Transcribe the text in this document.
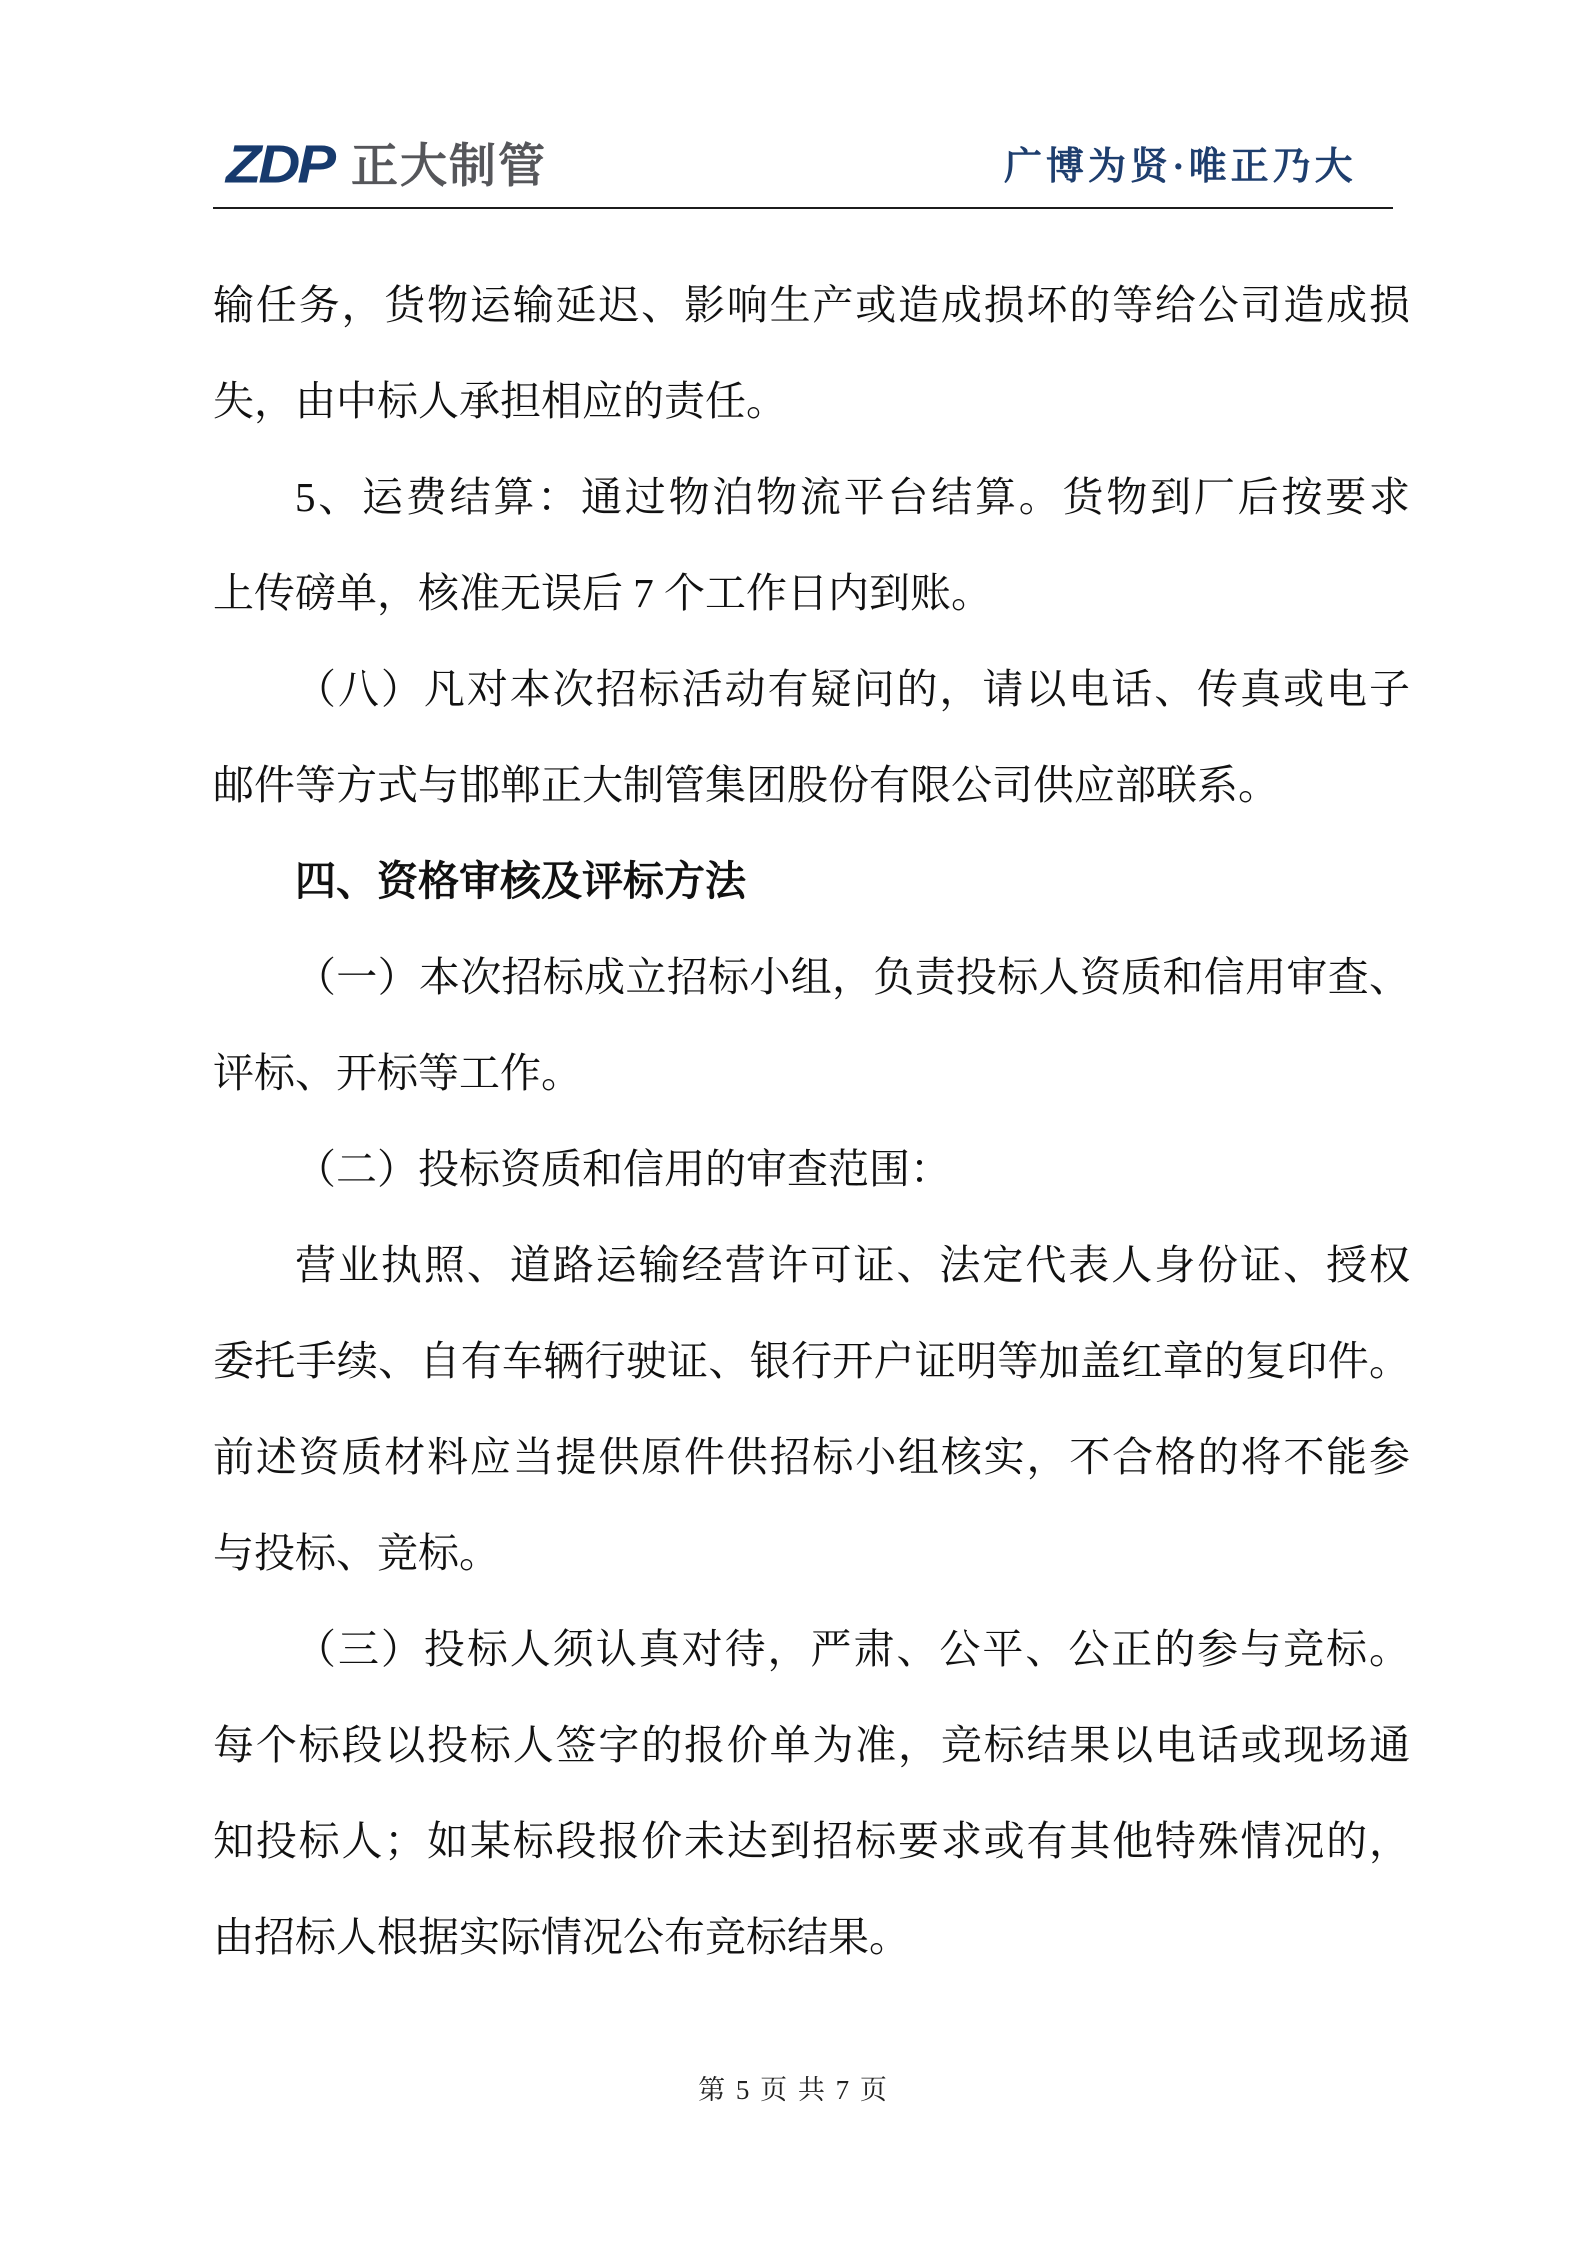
ZDP 正大制管	广博为贤·唯正乃大

输任务，货物运输延迟、影响生产或造成损坏的等给公司造成损

失，由中标人承担相应的责任。

5、运费结算：通过物泊物流平台结算。货物到厂后按要求

上传磅单，核准无误后 7 个工作日内到账。

（八）凡对本次招标活动有疑问的，请以电话、传真或电子

邮件等方式与邯郸正大制管集团股份有限公司供应部联系。

四、资格审核及评标方法

（一）本次招标成立招标小组，负责投标人资质和信用审查、

评标、开标等工作。

（二）投标资质和信用的审查范围：

营业执照、道路运输经营许可证、法定代表人身份证、授权

委托手续、自有车辆行驶证、银行开户证明等加盖红章的复印件。

前述资质材料应当提供原件供招标小组核实，不合格的将不能参

与投标、竞标。

（三）投标人须认真对待，严肃、公平、公正的参与竞标。

每个标段以投标人签字的报价单为准，竞标结果以电话或现场通

知投标人；如某标段报价未达到招标要求或有其他特殊情况的，

由招标人根据实际情况公布竞标结果。

第 5 页 共 7 页
